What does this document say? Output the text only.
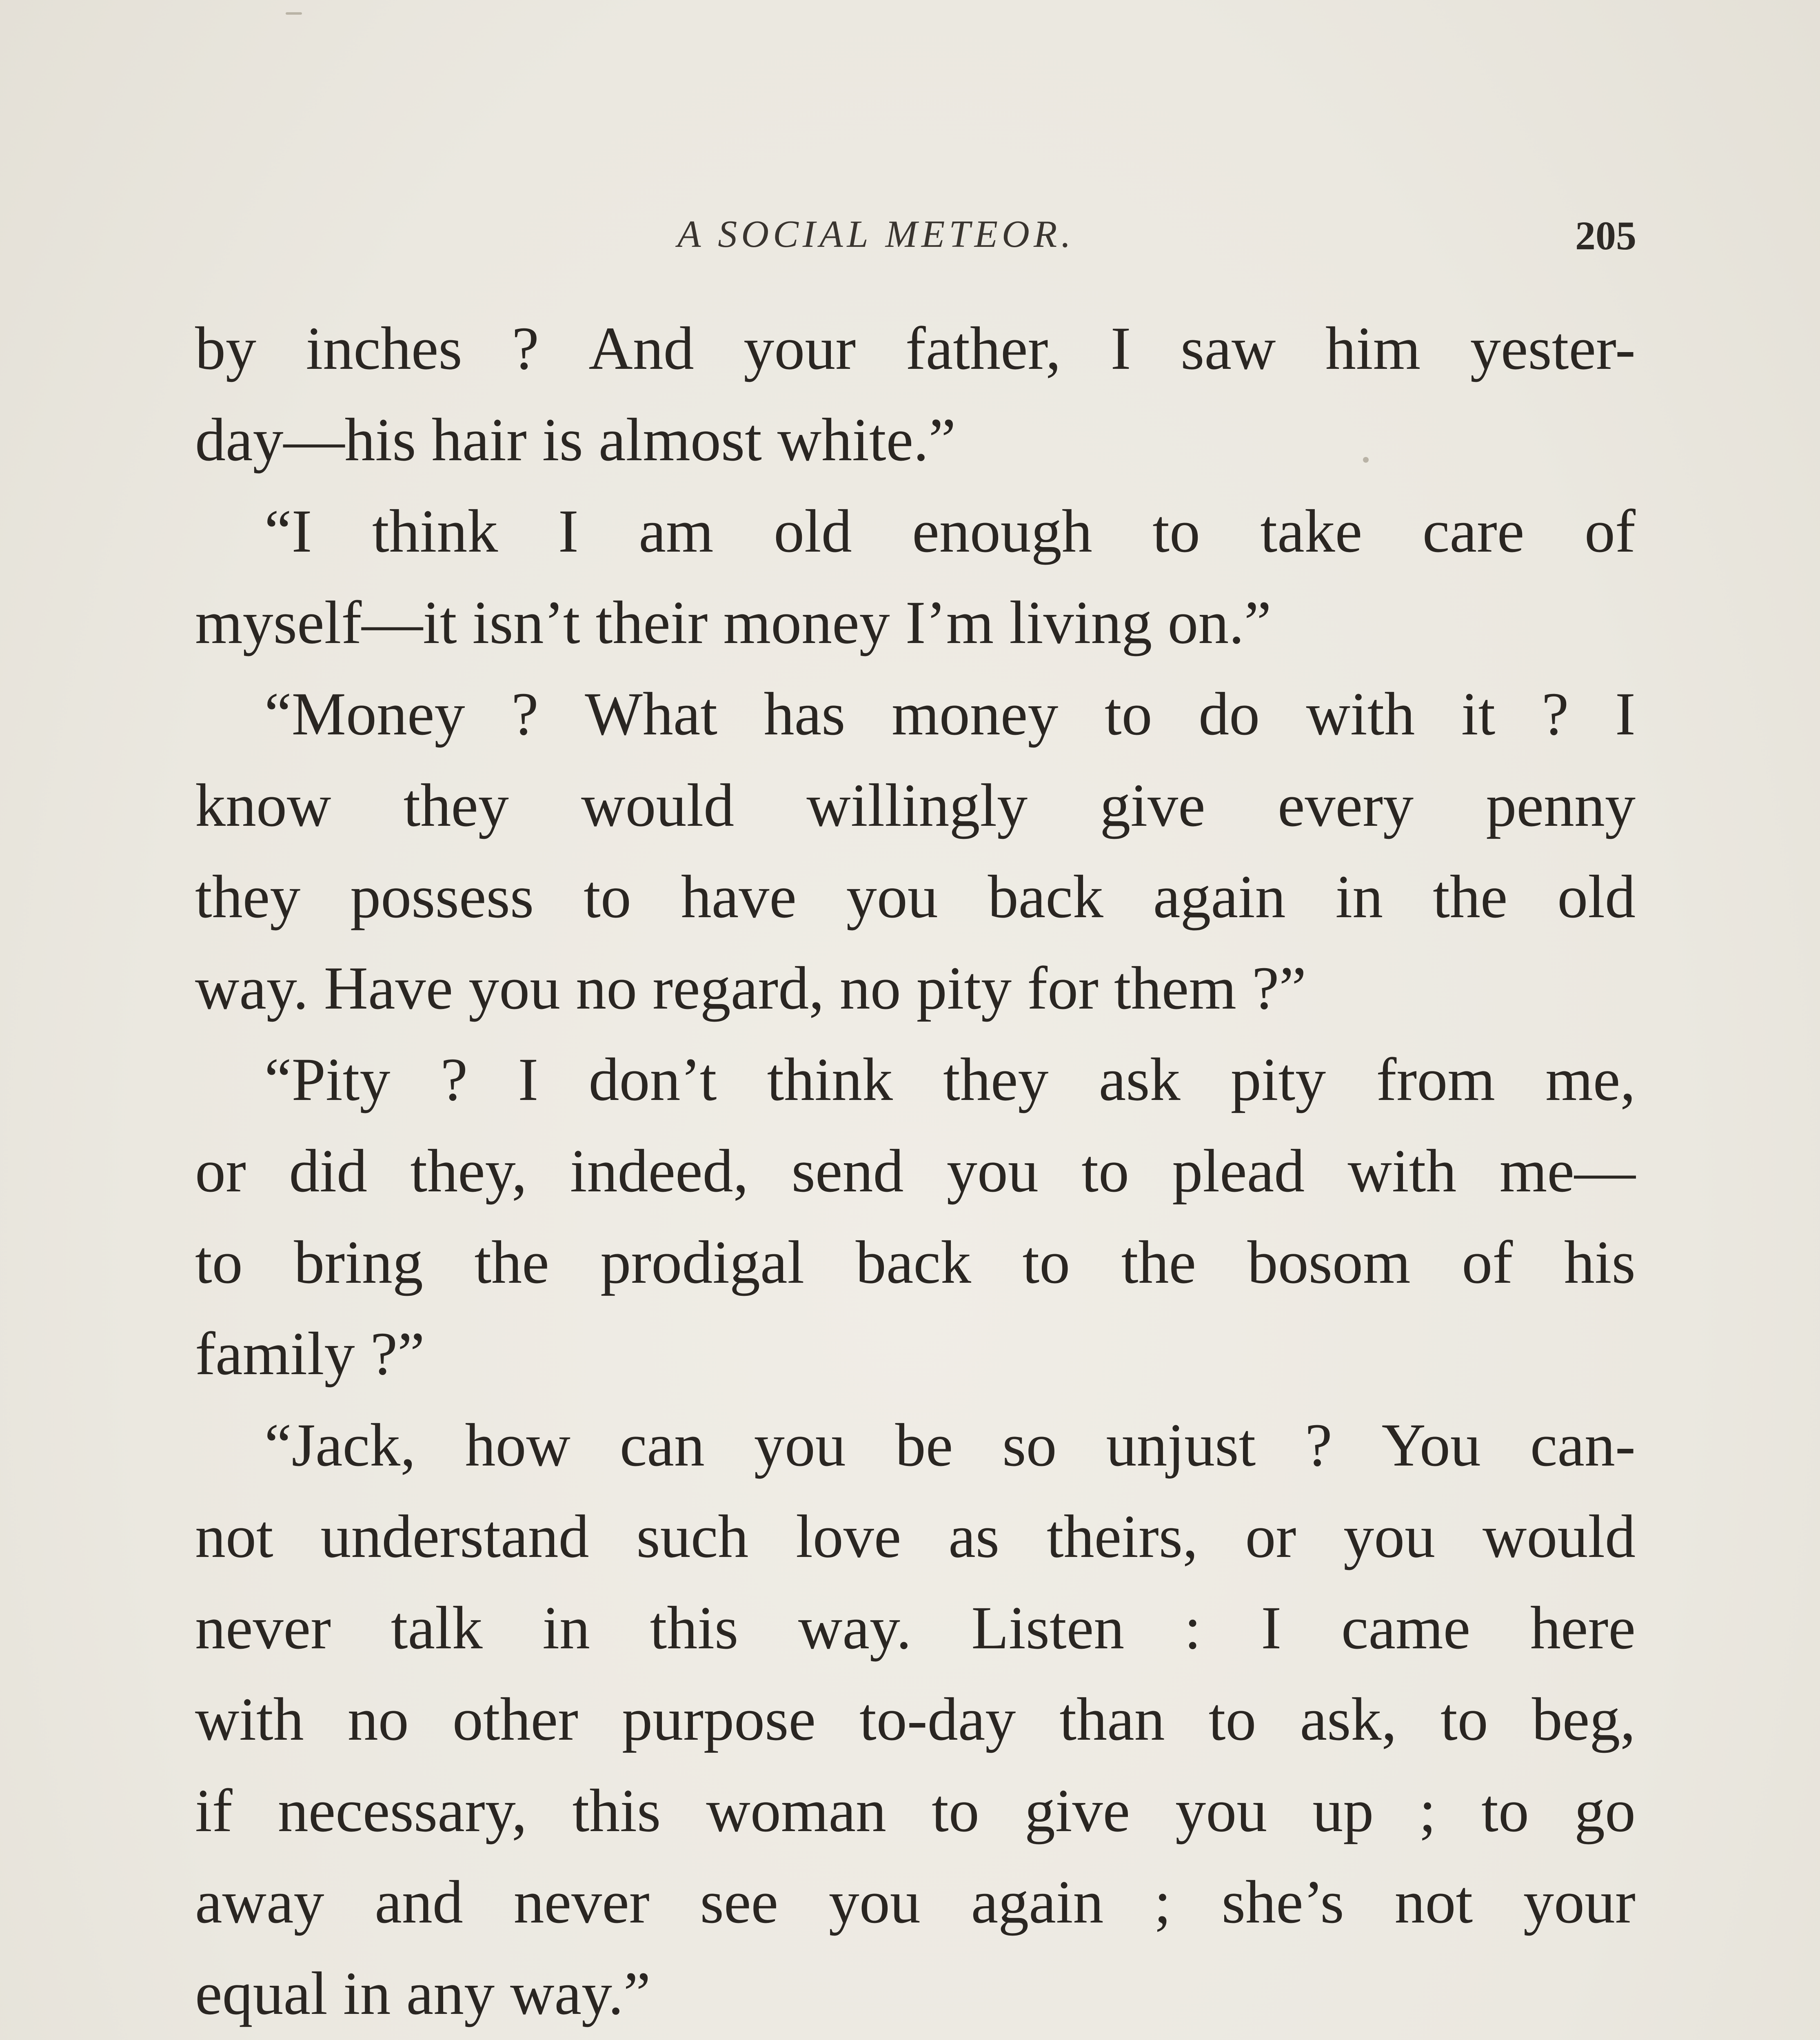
A SOCIAL METEOR.	205
by inches ? And your father, I saw him yester-
day—his hair is almost white.”
“I think I am old enough to take care of
myself—it isn’t their money I’m living on.”
“Money ? What has money to do with it ? I
know they would willingly give every penny
they possess to have you back again in the old
way. Have you no regard, no pity for them ?”
“Pity ? I don’t think they ask pity from me,
or did they, indeed, send you to plead with me—
to bring the prodigal back to the bosom of his
family ?”
“Jack, how can you be so unjust ? You can-
not understand such love as theirs, or you would
never talk in this way. Listen : I came here
with no other purpose to-day than to ask, to beg,
if necessary, this woman to give you up ; to go
away and never see you again ; she’s not your
equal in any way.”
